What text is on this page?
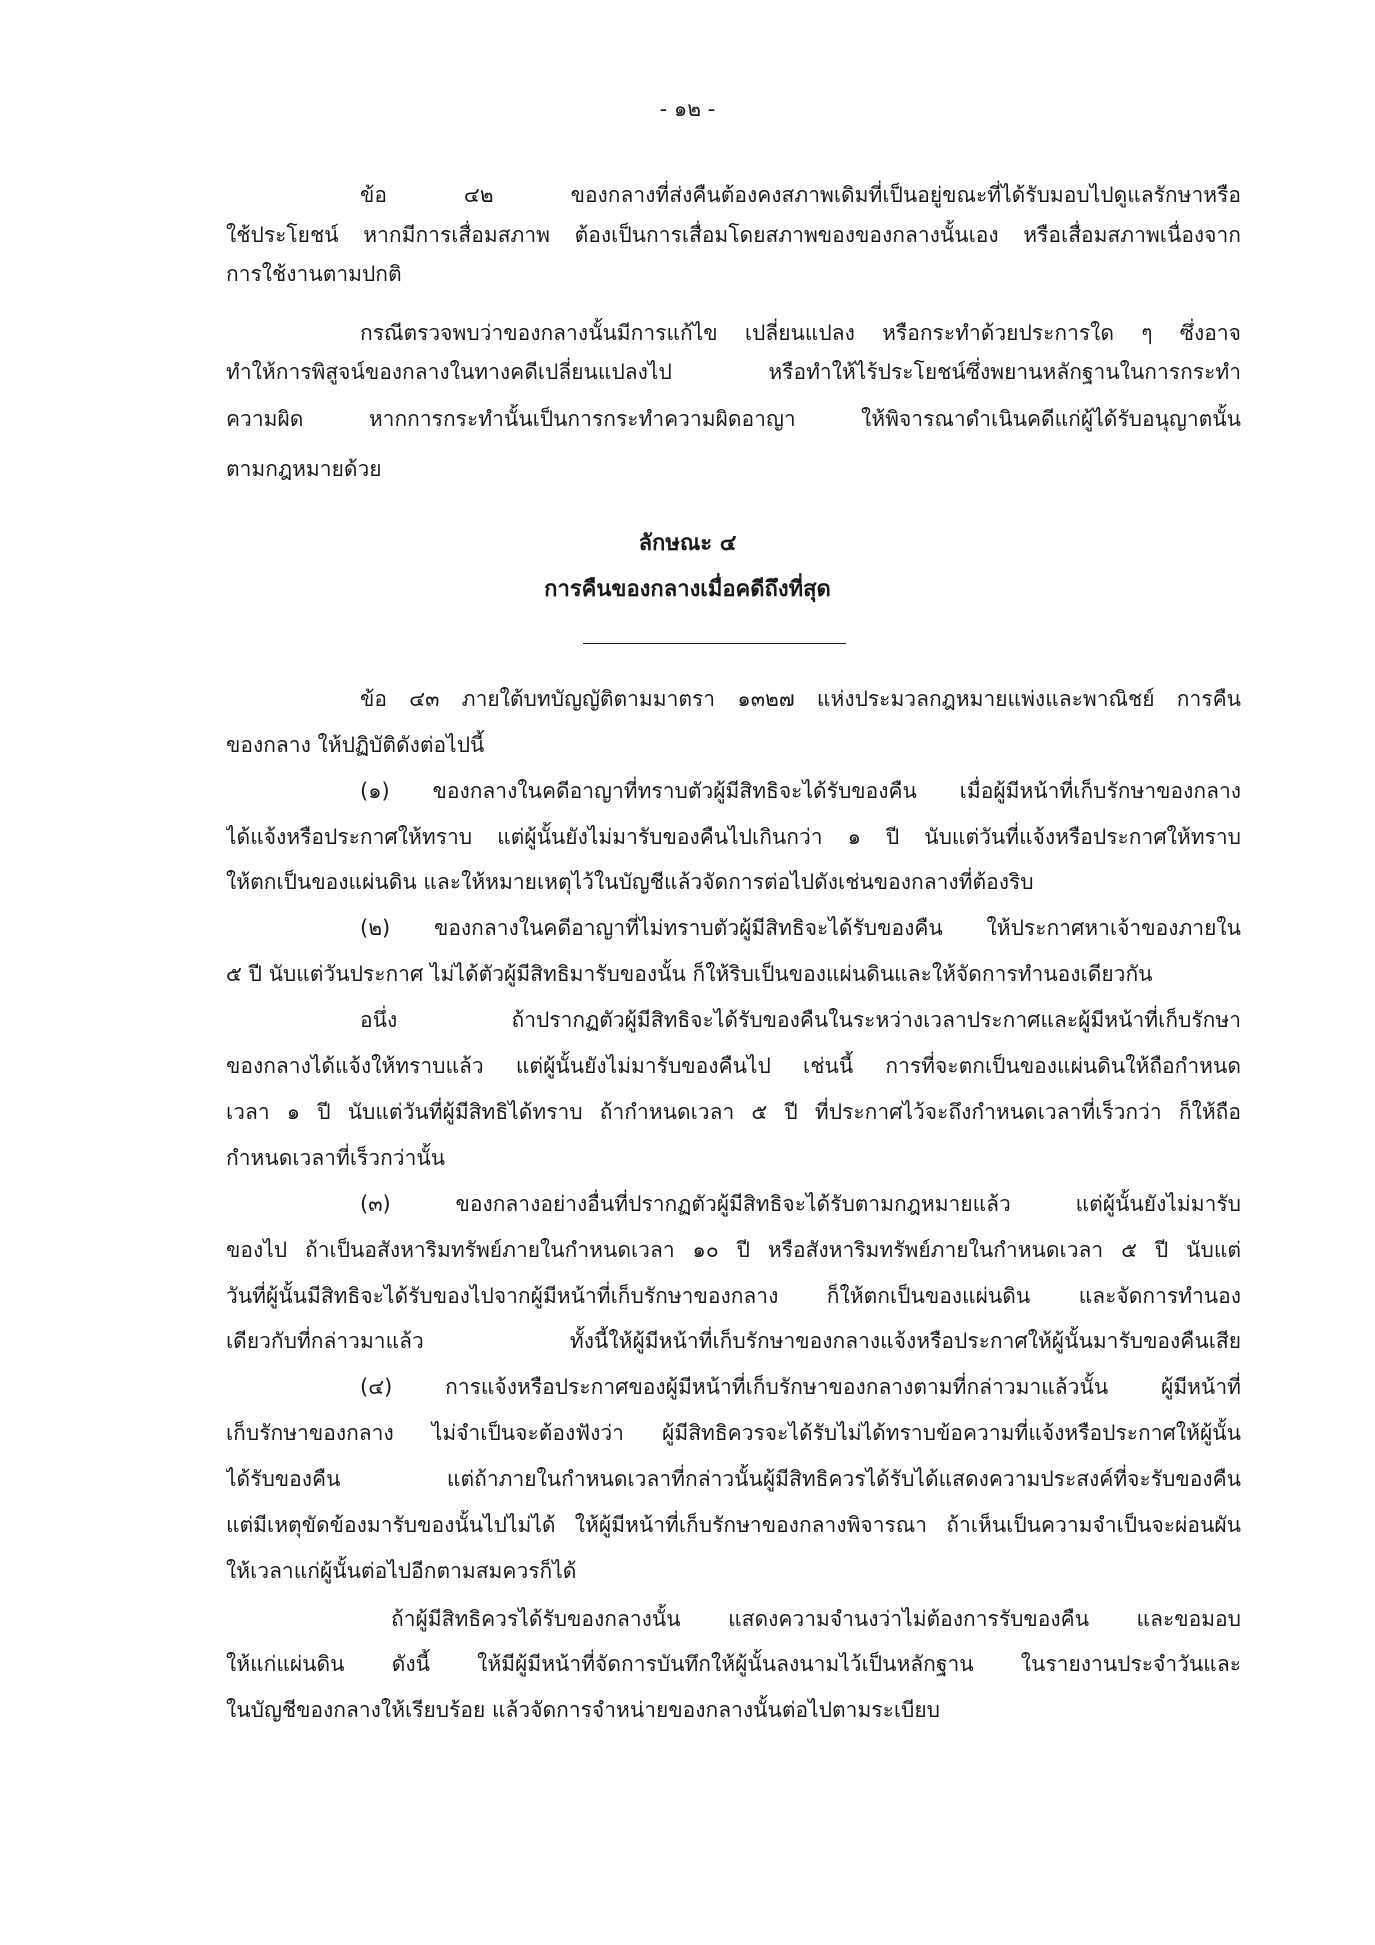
- ๑๒ -
ข้อ ๔๒ ของกลางที่ส่งคืนต้องคงสภาพเดิมที่เป็นอยู่ขณะที่ได้รับมอบไปดูแลรักษาหรือ
ใช้ประโยชน์ หากมีการเสื่อมสภาพ ต้องเป็นการเสื่อมโดยสภาพของของกลางนั้นเอง หรือเสื่อมสภาพเนื่องจาก
การใช้งานตามปกติ
กรณีตรวจพบว่าของกลางนั้นมีการแก้ไข เปลี่ยนแปลง หรือกระทำด้วยประการใด ๆ ซึ่งอาจ
ทำให้การพิสูจน์ของกลางในทางคดีเปลี่ยนแปลงไป หรือทำให้ไร้ประโยชน์ซึ่งพยานหลักฐานในการกระทำ
ความผิด หากการกระทำนั้นเป็นการกระทำความผิดอาญา ให้พิจารณาดำเนินคดีแก่ผู้ได้รับอนุญาตนั้น
ตามกฎหมายด้วย
ลักษณะ ๔
การคืนของกลางเมื่อคดีถึงที่สุด
ข้อ ๔๓ ภายใต้บทบัญญัติตามมาตรา ๑๓๒๗ แห่งประมวลกฎหมายแพ่งและพาณิชย์ การคืน
ของกลาง ให้ปฏิบัติดังต่อไปนี้
(๑) ของกลางในคดีอาญาที่ทราบตัวผู้มีสิทธิจะได้รับของคืน เมื่อผู้มีหน้าที่เก็บรักษาของกลาง
ได้แจ้งหรือประกาศให้ทราบ แต่ผู้นั้นยังไม่มารับของคืนไปเกินกว่า ๑ ปี นับแต่วันที่แจ้งหรือประกาศให้ทราบ
ให้ตกเป็นของแผ่นดิน และให้หมายเหตุไว้ในบัญชีแล้วจัดการต่อไปดังเช่นของกลางที่ต้องริบ
(๒) ของกลางในคดีอาญาที่ไม่ทราบตัวผู้มีสิทธิจะได้รับของคืน ให้ประกาศหาเจ้าของภายใน
๕ ปี นับแต่วันประกาศ ไม่ได้ตัวผู้มีสิทธิมารับของนั้น ก็ให้ริบเป็นของแผ่นดินและให้จัดการทำนองเดียวกัน
อนึ่ง ถ้าปรากฏตัวผู้มีสิทธิจะได้รับของคืนในระหว่างเวลาประกาศและผู้มีหน้าที่เก็บรักษา
ของกลางได้แจ้งให้ทราบแล้ว แต่ผู้นั้นยังไม่มารับของคืนไป เช่นนี้ การที่จะตกเป็นของแผ่นดินให้ถือกำหนด
เวลา ๑ ปี นับแต่วันที่ผู้มีสิทธิได้ทราบ ถ้ากำหนดเวลา ๕ ปี ที่ประกาศไว้จะถึงกำหนดเวลาที่เร็วกว่า ก็ให้ถือ
กำหนดเวลาที่เร็วกว่านั้น
(๓) ของกลางอย่างอื่นที่ปรากฏตัวผู้มีสิทธิจะได้รับตามกฎหมายแล้ว แต่ผู้นั้นยังไม่มารับ
ของไป ถ้าเป็นอสังหาริมทรัพย์ภายในกำหนดเวลา ๑๐ ปี หรือสังหาริมทรัพย์ภายในกำหนดเวลา ๕ ปี นับแต่
วันที่ผู้นั้นมีสิทธิจะได้รับของไปจากผู้มีหน้าที่เก็บรักษาของกลาง ก็ให้ตกเป็นของแผ่นดิน และจัดการทำนอง
เดียวกับที่กล่าวมาแล้ว ทั้งนี้ให้ผู้มีหน้าที่เก็บรักษาของกลางแจ้งหรือประกาศให้ผู้นั้นมารับของคืนเสีย
(๔) การแจ้งหรือประกาศของผู้มีหน้าที่เก็บรักษาของกลางตามที่กล่าวมาแล้วนั้น ผู้มีหน้าที่
เก็บรักษาของกลาง ไม่จำเป็นจะต้องฟังว่า ผู้มีสิทธิควรจะได้รับไม่ได้ทราบข้อความที่แจ้งหรือประกาศให้ผู้นั้น
ได้รับของคืน แต่ถ้าภายในกำหนดเวลาที่กล่าวนั้นผู้มีสิทธิควรได้รับได้แสดงความประสงค์ที่จะรับของคืน
แต่มีเหตุขัดข้องมารับของนั้นไปไม่ได้ ให้ผู้มีหน้าที่เก็บรักษาของกลางพิจารณา ถ้าเห็นเป็นความจำเป็นจะผ่อนผัน
ให้เวลาแก่ผู้นั้นต่อไปอีกตามสมควรก็ได้
ถ้าผู้มีสิทธิควรได้รับของกลางนั้น แสดงความจำนงว่าไม่ต้องการรับของคืน และขอมอบ
ให้แก่แผ่นดิน ดังนี้ ให้มีผู้มีหน้าที่จัดการบันทึกให้ผู้นั้นลงนามไว้เป็นหลักฐาน ในรายงานประจำวันและ
ในบัญชีของกลางให้เรียบร้อย แล้วจัดการจำหน่ายของกลางนั้นต่อไปตามระเบียบ
